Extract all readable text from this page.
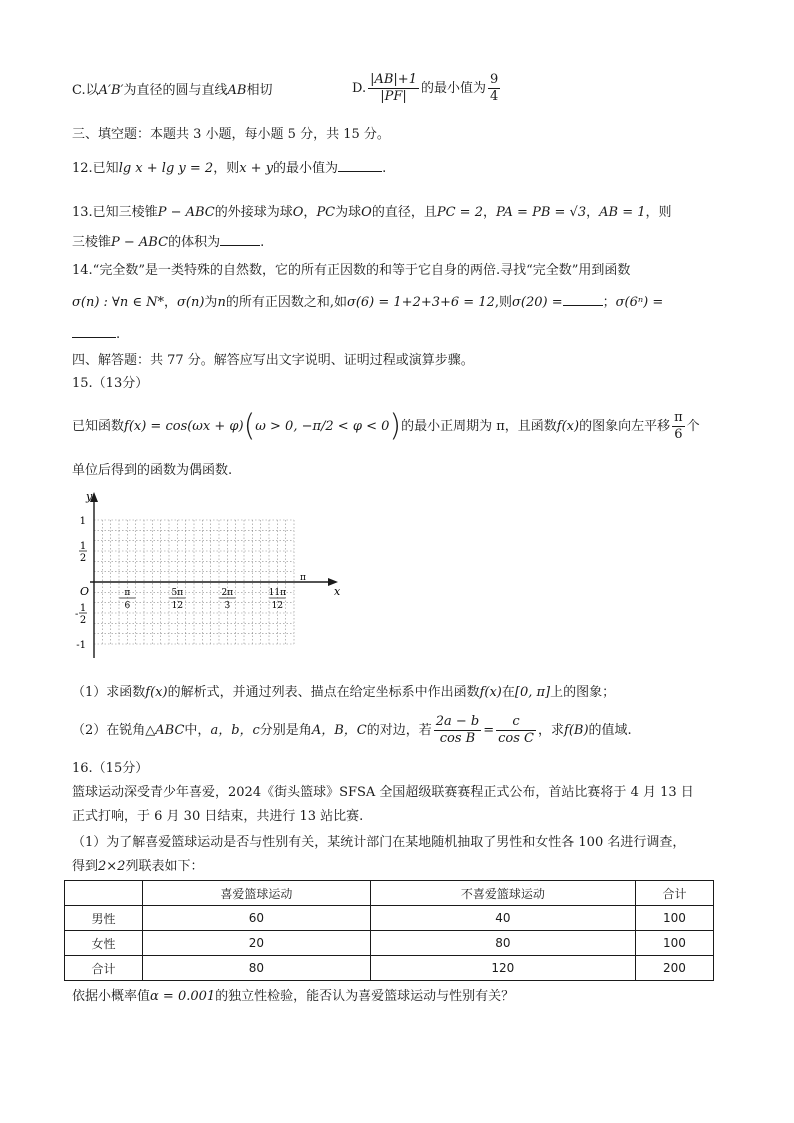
C.以A′B′为直径的圆与直线AB相切	D. $\frac{|AB|+1}{|PF|}$ 的最小值为 $\frac{9}{4}$
三、填空题：本题共 3 小题，每小题 5 分，共 15 分。
12.已知lg x + lg y = 2，则x + y的最小值为	.
13.已知三棱锥P − ABC的外接球为球O，PC为球O的直径，且PC = 2，PA = PB = √3，AB = 1，则
三棱锥P − ABC的体积为	.
14.“完全数”是一类特殊的自然数，它的所有正因数的和等于它自身的两倍.寻找“完全数”用到函数
σ(n) : ∀n ∈ N*，σ(n)为n的所有正因数之和,如σ(6) = 1+2+3+6 = 12,则σ(20) =	；σ(6ⁿ) =
.
四、解答题：共 77 分。解答应写出文字说明、证明过程或演算步骤。
15.（13分）
已知函数f(x) = cos(ωx + φ)(ω > 0, −π/2 < φ < 0)的最小正周期为 π，且函数f(x)的图象向左平移 $\frac{\pi}{6}$ 个
单位后得到的函数为偶函数.
y
x
O
π
1
1
2
-
1
2
-1
π
6
5π
12
2π
3
11π
12
（1）求函数f(x)的解析式，并通过列表、描点在给定坐标系中作出函数f(x)在[0, π]上的图象；
（2）在锐角△ABC中，a，b，c分别是角A，B，C的对边，若 $\frac{2a - b}{\text{cos B}} = \frac{c}{\text{cos C}}$ ，求f(B)的值域.
16.（15分）
篮球运动深受青少年喜爱，2024《街头篮球》SFSA 全国超级联赛赛程正式公布，首站比赛将于 4 月 13 日
正式打响，于 6 月 30 日结束，共进行 13 站比赛.
（1）为了解喜爱篮球运动是否与性别有关，某统计部门在某地随机抽取了男性和女性各 100 名进行调查，
得到2×2列联表如下：
	喜爱篮球运动	不喜爱篮球运动	合计
男性	60	40	100
女性	20	80	100
合计	80	120	200
依据小概率值α = 0.001的独立性检验，能否认为喜爱篮球运动与性别有关？
